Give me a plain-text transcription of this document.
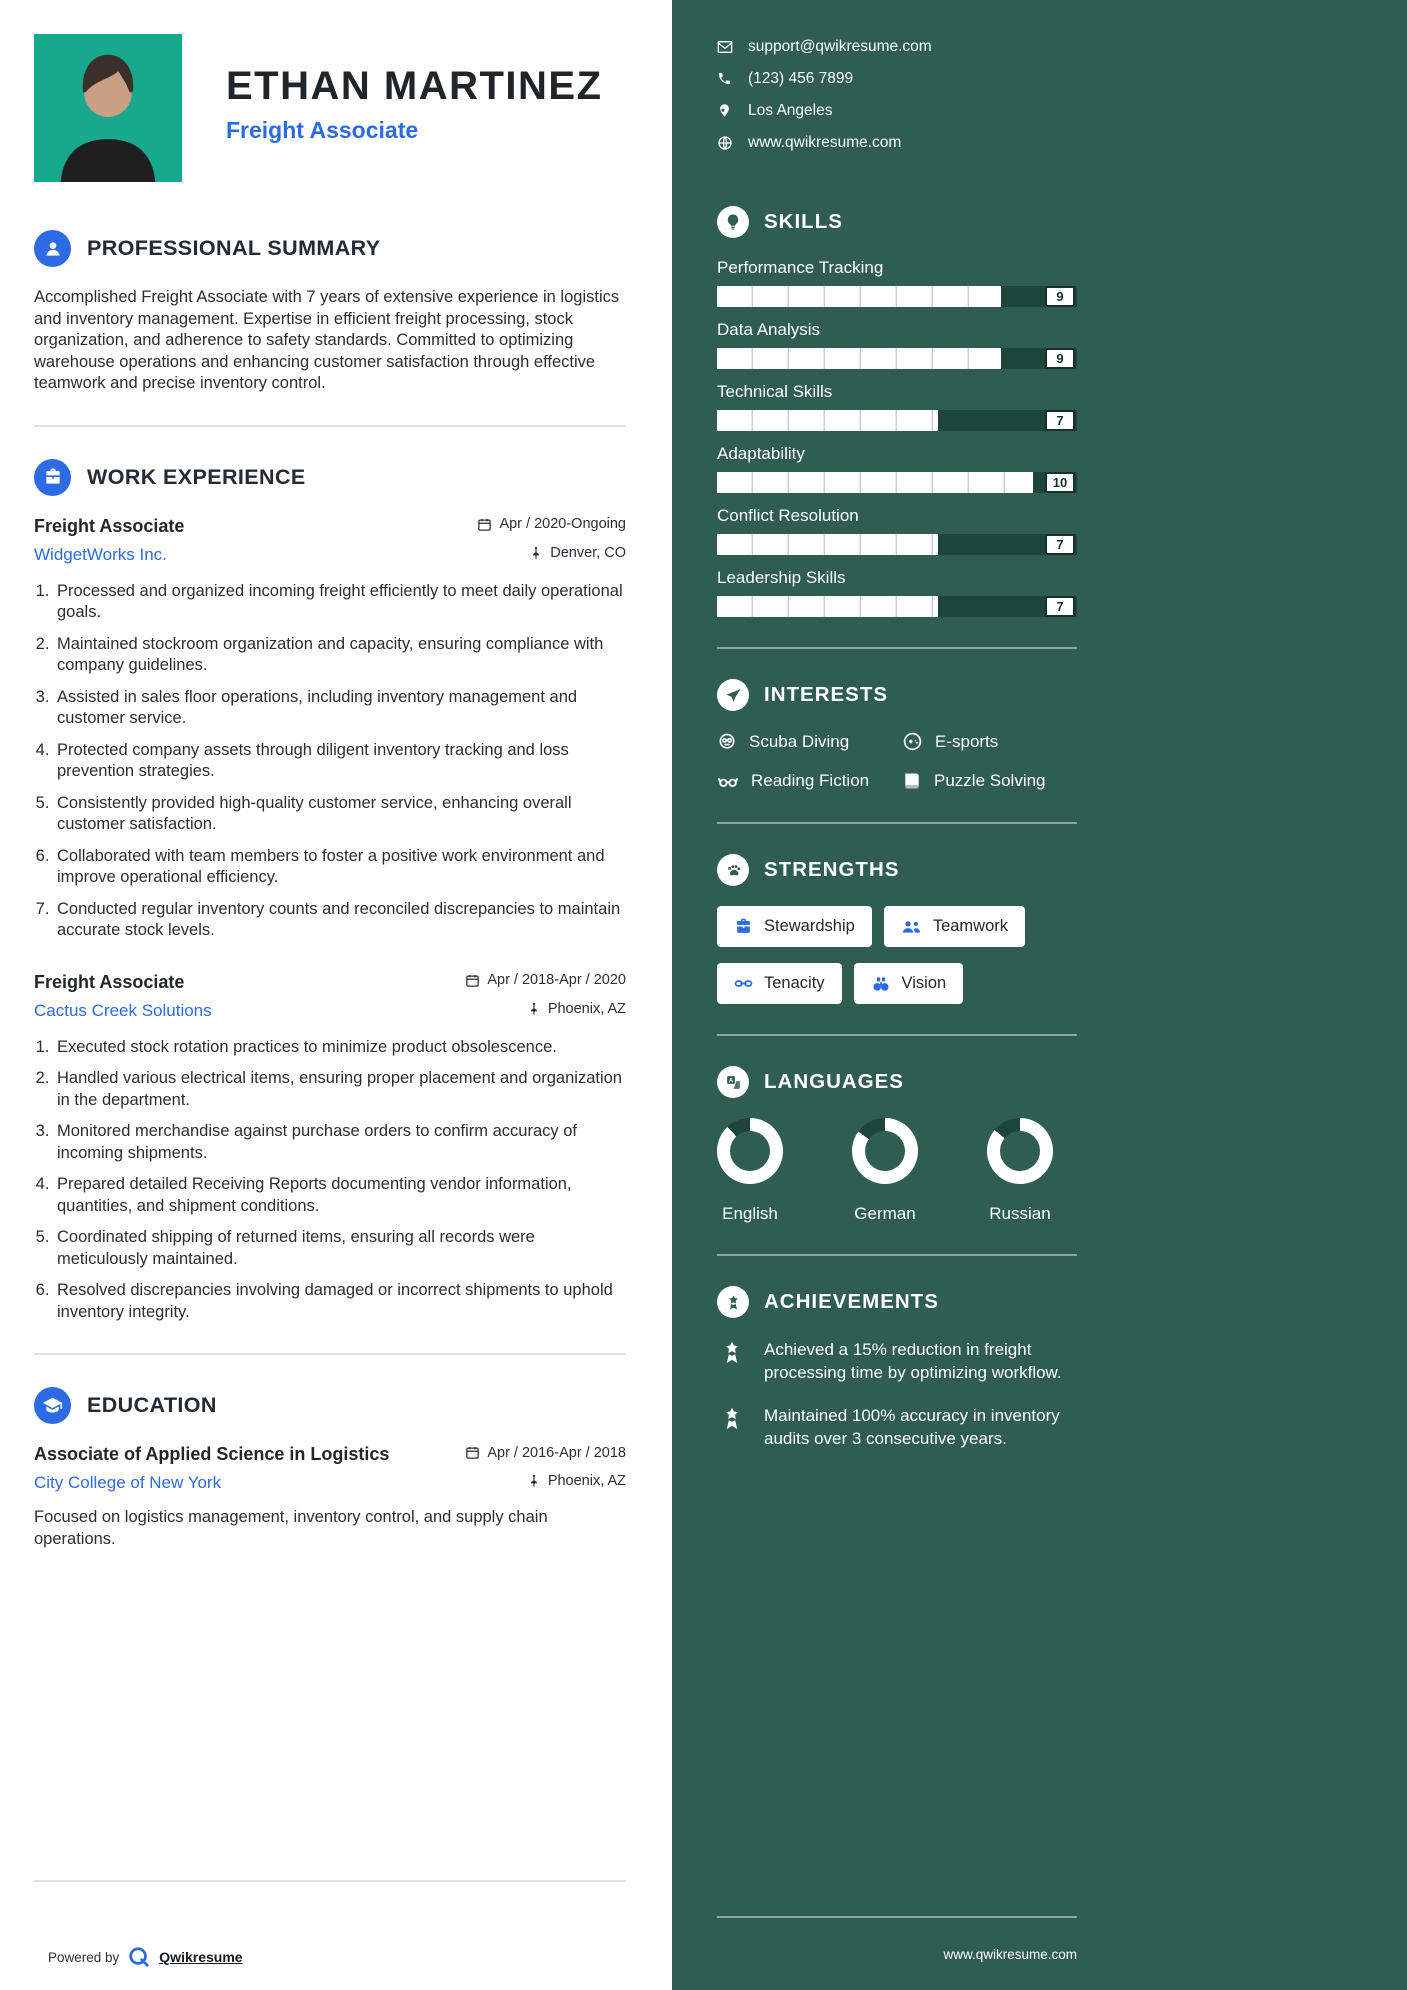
ETHAN MARTINEZ
Freight Associate
PROFESSIONAL SUMMARY

Accomplished Freight Associate with 7 years of extensive experience in logistics and inventory management. Expertise in efficient freight processing, stock organization, and adherence to safety standards. Committed to optimizing warehouse operations and enhancing customer satisfaction through effective teamwork and precise inventory control.

WORK EXPERIENCE
Freight Associate	Apr / 2020-Ongoing
WidgetWorks Inc.	Denver, CO
1. Processed and organized incoming freight efficiently to meet daily operational goals.
2. Maintained stockroom organization and capacity, ensuring compliance with company guidelines.
3. Assisted in sales floor operations, including inventory management and customer service.
4. Protected company assets through diligent inventory tracking and loss prevention strategies.
5. Consistently provided high-quality customer service, enhancing overall customer satisfaction.
6. Collaborated with team members to foster a positive work environment and improve operational efficiency.
7. Conducted regular inventory counts and reconciled discrepancies to maintain accurate stock levels.
Freight Associate	Apr / 2018-Apr / 2020
Cactus Creek Solutions	Phoenix, AZ
1. Executed stock rotation practices to minimize product obsolescence.
2. Handled various electrical items, ensuring proper placement and organization in the department.
3. Monitored merchandise against purchase orders to confirm accuracy of incoming shipments.
4. Prepared detailed Receiving Reports documenting vendor information, quantities, and shipment conditions.
5. Coordinated shipping of returned items, ensuring all records were meticulously maintained.
6. Resolved discrepancies involving damaged or incorrect shipments to uphold inventory integrity.
EDUCATION
Associate of Applied Science in Logistics	Apr / 2016-Apr / 2018
City College of New York	Phoenix, AZ

Focused on logistics management, inventory control, and supply chain operations.

Powered by	Qwikresume
support@qwikresume.com
(123) 456 7899
Los Angeles
www.qwikresume.com
SKILLS
Performance Tracking
9
Data Analysis
9
Technical Skills
7
Adaptability
10
Conflict Resolution
7
Leadership Skills
7
INTERESTS
Scuba Diving	E-sports
Reading Fiction	Puzzle Solving
STRENGTHS
Stewardship	Teamwork
Tenacity	Vision
A LANGUAGES
English	German	Russian
ACHIEVEMENTS
Achieved a 15% reduction in freight processing time by optimizing workflow.
Maintained 100% accuracy in inventory audits over 3 consecutive years.
www.qwikresume.com
